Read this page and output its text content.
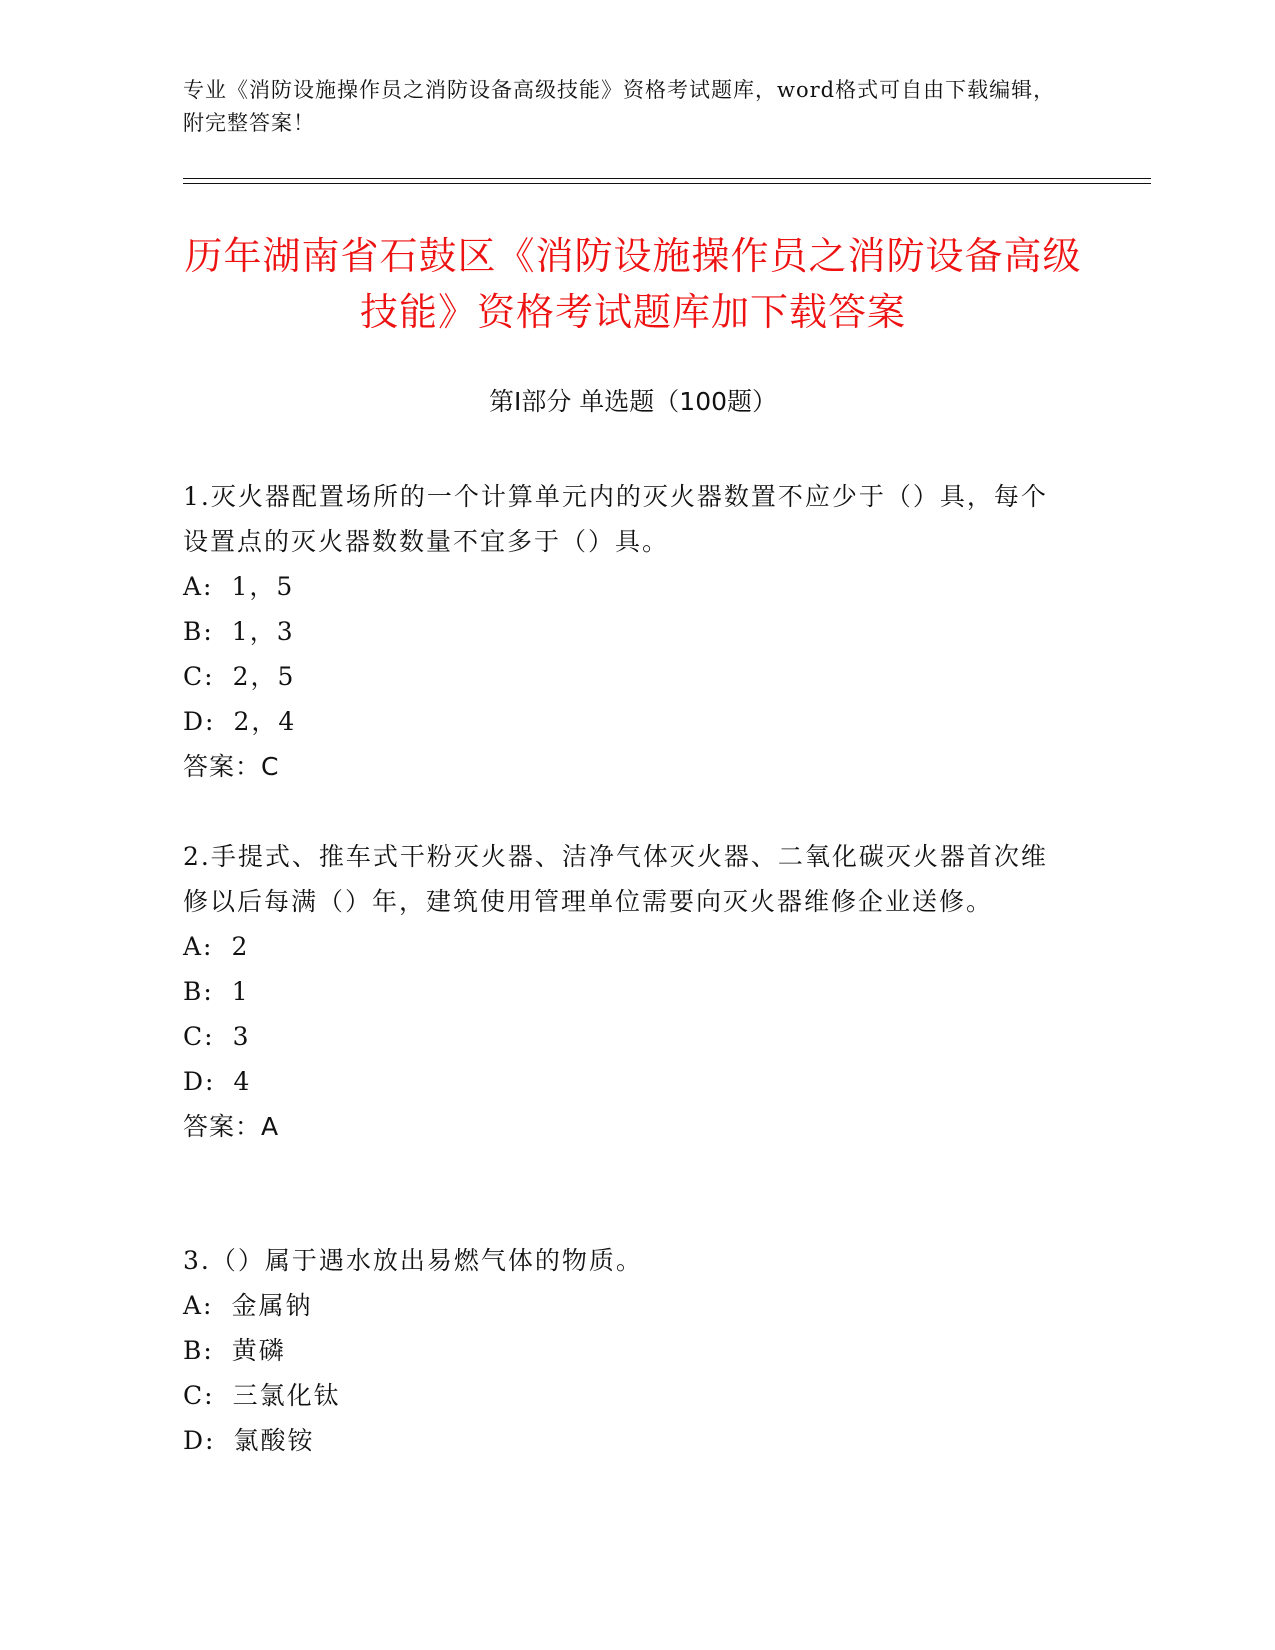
专业《消防设施操作员之消防设备高级技能》资格考试题库，word格式可自由下载编辑，附完整答案！
历年湖南省石鼓区《消防设施操作员之消防设备高级技能》资格考试题库加下载答案
第Ⅰ部分 单选题（100题）

1.灭火器配置场所的一个计算单元内的灭火器数置不应少于（）具，每个设置点的灭火器数数量不宜多于（）具。

A: 1，5

B: 1，3

C: 2，5

D: 2，4

答案：C

2.手提式、推车式干粉灭火器、洁净气体灭火器、二氧化碳灭火器首次维修以后每满（）年，建筑使用管理单位需要向灭火器维修企业送修。

A: 2

B: 1

C: 3

D: 4

答案：A

3.（）属于遇水放出易燃气体的物质。

A: 金属钠

B: 黄磷

C: 三氯化钛

D: 氯酸铵
